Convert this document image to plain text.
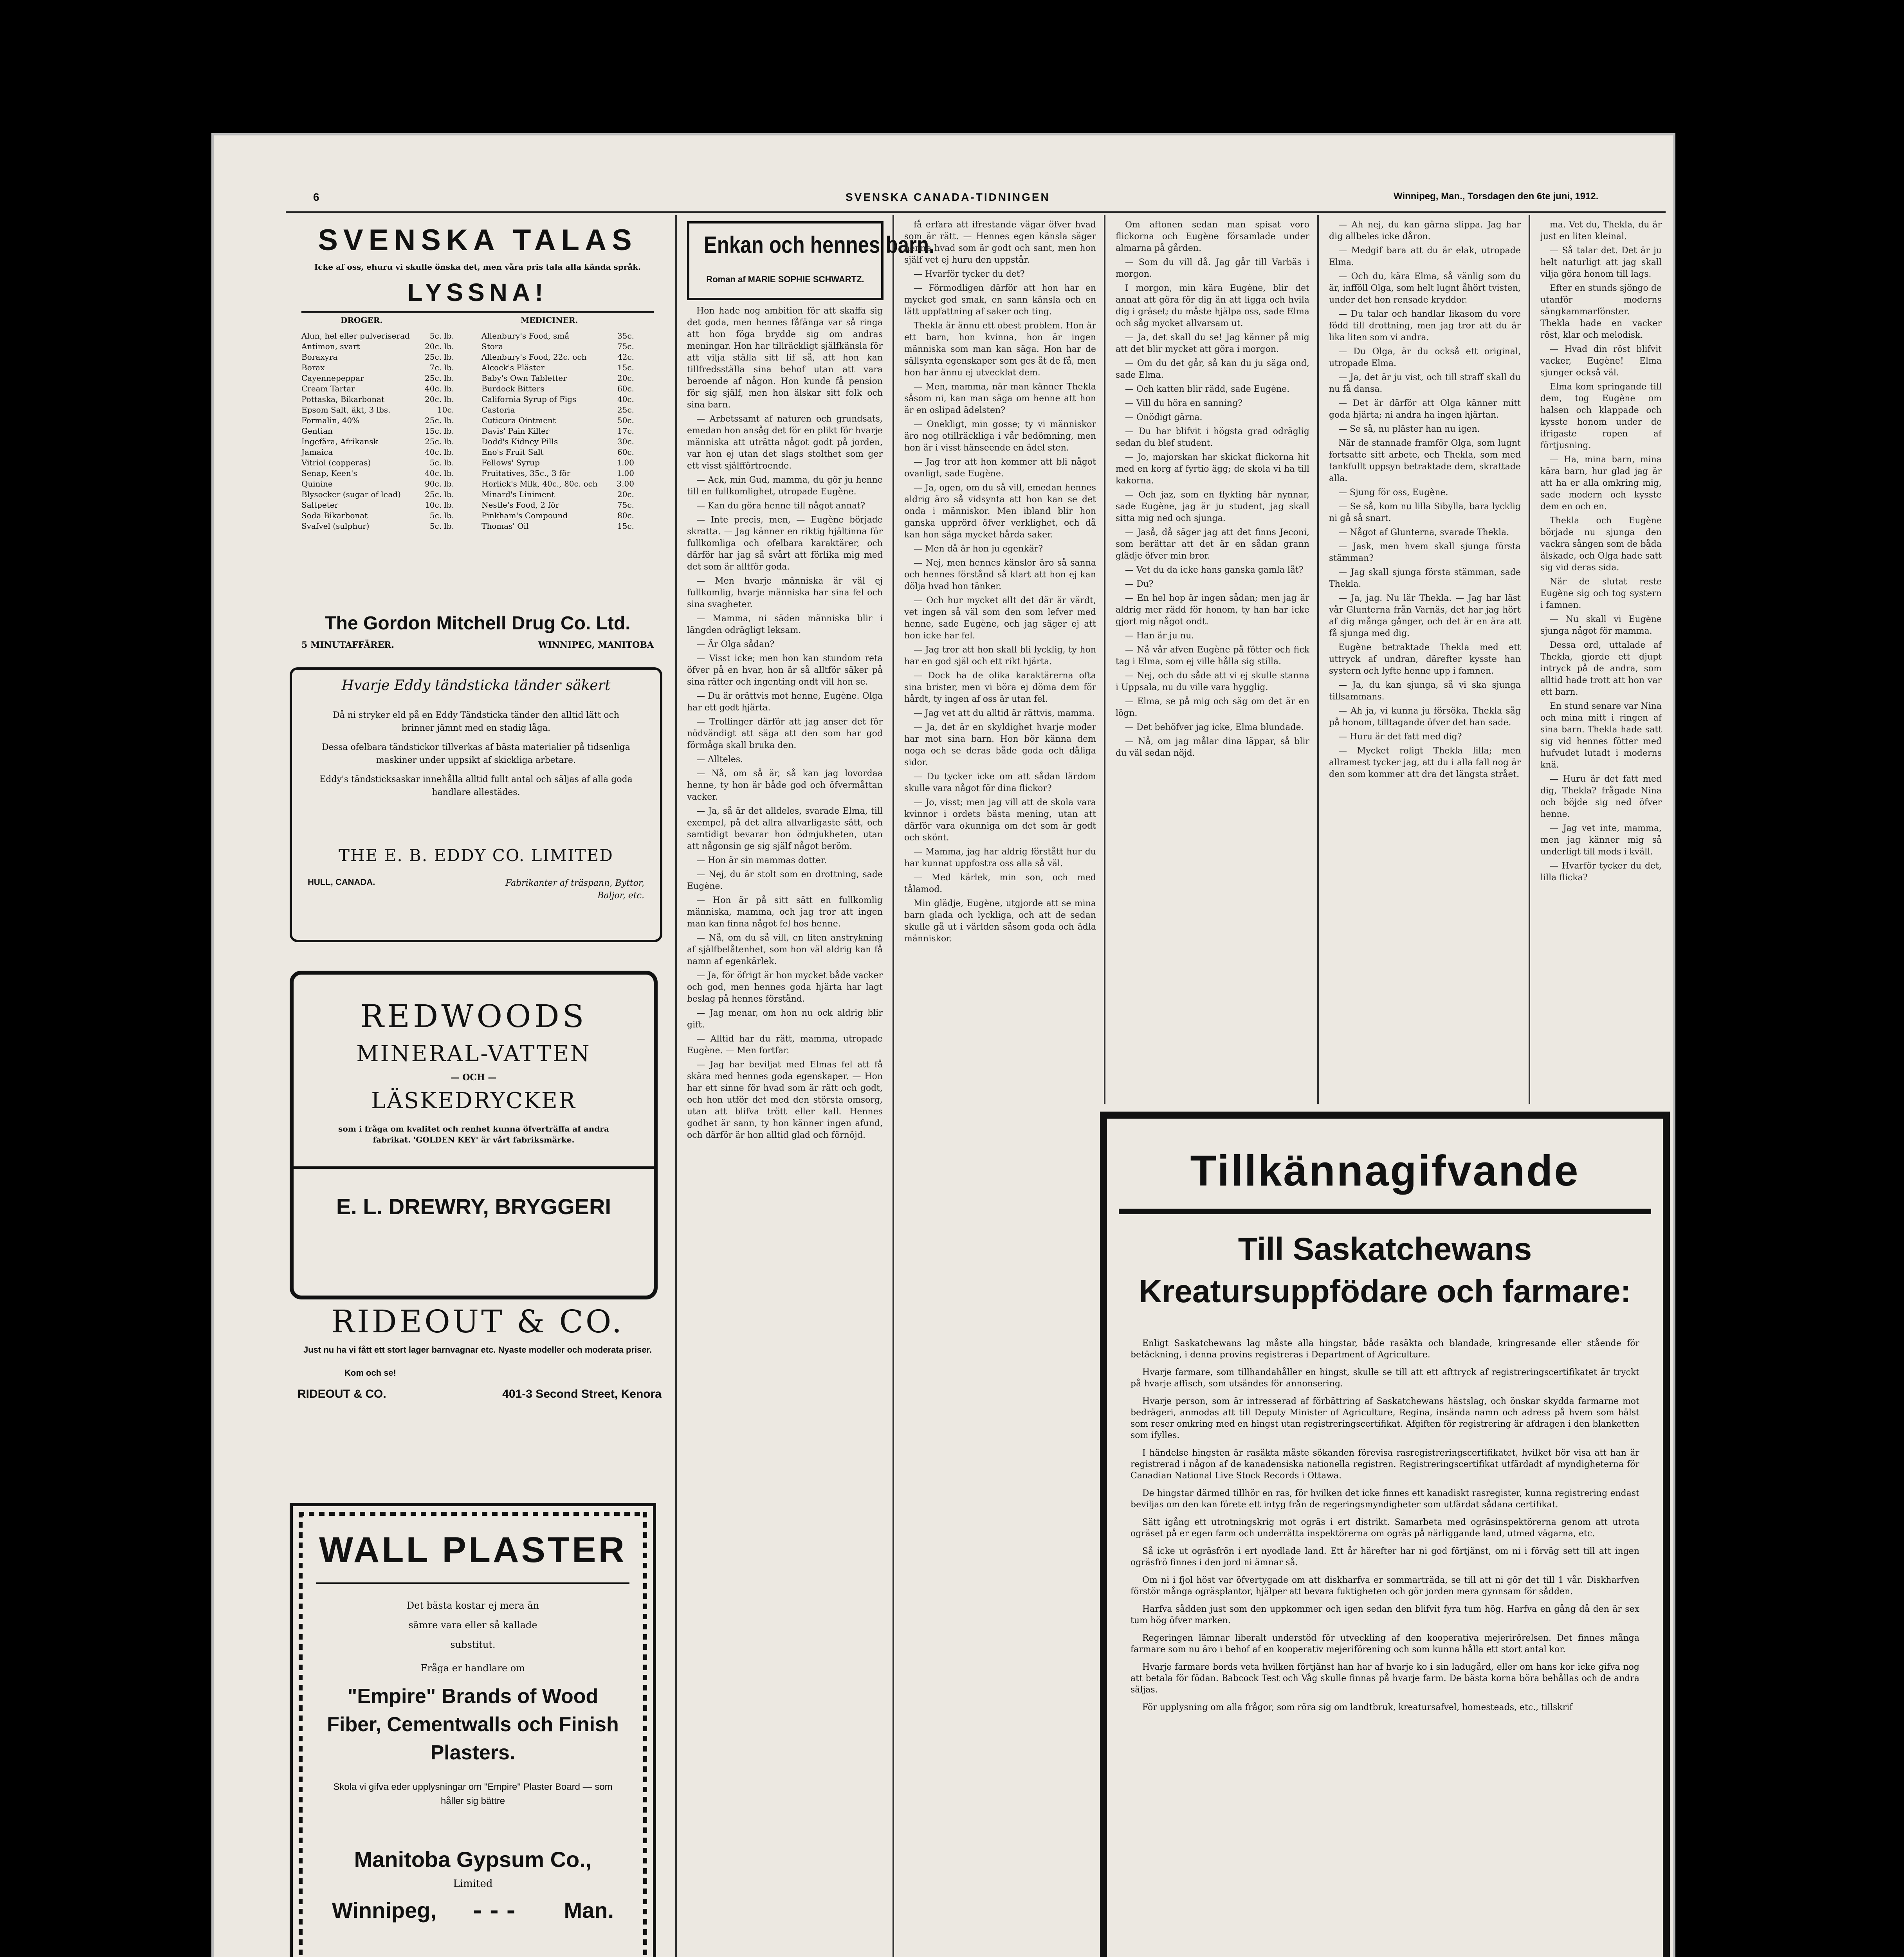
6	SVENSKA CANADA-TIDNINGEN	Winnipeg, Man., Torsdagen den 6te juni, 1912.
SVENSKA TALAS
Icke af oss, ehuru vi skulle önska det, men våra pris tala alla kända språk.
LYSSNA!
DROGER.	MEDICINER.
Alun, hel eller pulveriserad	5c. lb.
Antimon, svart	20c. lb.
Boraxyra	25c. lb.
Borax	7c. lb.
Cayennepeppar	25c. lb.
Cream Tartar	40c. lb.
Pottaska, Bikarbonat	20c. lb.
Epsom Salt, äkt, 3 lbs.	10c.
Formalin, 40%	25c. lb.
Gentian	15c. lb.
Ingefära, Afrikansk	25c. lb.
Jamaica	40c. lb.
Vitriol (copperas)	5c. lb.
Senap, Keen's	40c. lb.
Quinine	90c. lb.
Blysocker (sugar of lead)	25c. lb.
Saltpeter	10c. lb.
Soda Bikarbonat	5c. lb.
Svafvel (sulphur)	5c. lb.
Allenbury's Food, små	35c.
Stora	75c.
Allenbury's Food, 22c. och	42c.
Alcock's Pläster	15c.
Baby's Own Tabletter	20c.
Burdock Bitters	60c.
California Syrup of Figs	40c.
Castoria	25c.
Cuticura Ointment	50c.
Davis' Pain Killer	17c.
Dodd's Kidney Pills	30c.
Eno's Fruit Salt	60c.
Fellows' Syrup	1.00
Fruitatives, 35c., 3 för	1.00
Horlick's Milk, 40c., 80c. och 3.00
Minard's Liniment	20c.
Nestle's Food, 2 för	75c.
Pinkham's Compound	80c.
Thomas' Oil	15c.
The Gordon Mitchell Drug Co. Ltd.
5 MINUTAFFÄRER.	WINNIPEG, MANITOBA
Hvarje Eddy tändsticka tänder säkert

Då ni stryker eld på en Eddy Tändsticka tänder den alltid lätt och brinner jämnt med en stadig låga.

Dessa ofelbara tändstickor tillverkas af bästa materialier på tidsenliga maskiner under uppsikt af skickliga arbetare.

Eddy's tändsticksaskar innehålla alltid fullt antal och säljas af alla goda handlare allestädes.

THE E. B. EDDY CO. LIMITED
HULL, CANADA.	Fabrikanter af träspann, Byttor, Baljor, etc.
REDWOODS
MINERAL-VATTEN
— OCH —
LÄSKEDRYCKER
som i fråga om kvalitet och renhet kunna öfverträffa af andra fabrikat. 'GOLDEN KEY' är vårt fabriksmärke.
E. L. DREWRY, BRYGGERI
RIDEOUT & CO.
Just nu ha vi fått ett stort lager barnvagnar etc. Nyaste modeller och moderata priser.
Kom och se!
RIDEOUT & CO.	401-3 Second Street, Kenora
WALL PLASTER
Det bästa kostar ej mera än
sämre vara eller så kallade
substitut.
Fråga er handlare om
"Empire" Brands of Wood Fiber, Cementwalls och Finish Plasters.
Skola vi gifva eder upplysningar om "Empire" Plaster Board — som håller sig bättre
Manitoba Gypsum Co.,
Limited
Winnipeg, - - - Man.
Enkan och hennes barn.
Roman af MARIE SOPHIE SCHWARTZ.

Hon hade nog ambition för att skaffa sig det goda, men hennes fåfänga var så ringa att hon föga brydde sig om andras meningar. Hon har tillräckligt själfkänsla för att vilja ställa sitt lif så, att hon kan tillfredsställa sina behof utan att vara beroende af någon. Hon kunde få pension för sig själf, men hon älskar sitt folk och sina barn.

— Arbetssamt af naturen och grundsats, emedan hon ansåg det för en plikt för hvarje människa att uträtta något godt på jorden, var hon ej utan det slags stolthet som ger ett visst själfförtroende.

— Ack, min Gud, mamma, du gör ju henne till en fullkomlighet, utropade Eugène.

— Kan du göra henne till något annat?

— Inte precis, men, — Eugène började skratta. — Jag känner en riktig hjältinna för fullkomliga och ofelbara karaktärer, och därför har jag så svårt att förlika mig med det som är alltför goda.

— Men hvarje människa är väl ej fullkomlig, hvarje människa har sina fel och sina svagheter.

— Mamma, ni säden människa blir i längden odrägligt leksam.

— Är Olga sådan?

— Visst icke; men hon kan stundom reta öfver på en hvar, hon är så alltför säker på sina rätter och ingenting ondt vill hon se.

— Du är orättvis mot henne, Eugène. Olga har ett godt hjärta.

— Trollinger därför att jag anser det för nödvändigt att säga att den som har god förmåga skall bruka den.

— Allteles.

— Nå, om så är, så kan jag lovordaa henne, ty hon är både god och öfvermåttan vacker.

— Ja, så är det alldeles, svarade Elma, till exempel, på det allra allvarligaste sätt, och samtidigt bevarar hon ödmjukheten, utan att någonsin ge sig själf något beröm.

— Hon är sin mammas dotter.

— Nej, du är stolt som en drottning, sade Eugène.

— Hon är på sitt sätt en fullkomlig människa, mamma, och jag tror att ingen man kan finna något fel hos henne.

— Nå, om du så vill, en liten anstrykning af själfbelåtenhet, som hon väl aldrig kan få namn af egenkärlek.

— Ja, för öfrigt är hon mycket både vacker och god, men hennes goda hjärta har lagt beslag på hennes förstånd.

— Jag menar, om hon nu ock aldrig blir gift.

— Alltid har du rätt, mamma, utropade Eugène. — Men fortfar.

— Jag har beviljat med Elmas fel att få skära med hennes goda egenskaper. — Hon har ett sinne för hvad som är rätt och godt, och hon utför det med den största omsorg, utan att blifva trött eller kall. Hennes godhet är sann, ty hon känner ingen afund, och därför är hon alltid glad och förnöjd.

få erfara att ifrestande vägar öfver hvad som är rätt. — Hennes egen känsla säger henne hvad som är godt och sant, men hon själf vet ej huru den uppstår.

— Hvarför tycker du det?

— Förmodligen därför att hon har en mycket god smak, en sann känsla och en lätt uppfattning af saker och ting.

Thekla är ännu ett obest problem. Hon är ett barn, hon kvinna, hon är ingen människa som man kan säga. Hon har de sällsynta egenskaper som ges åt de få, men hon har ännu ej utvecklat dem.

— Men, mamma, när man känner Thekla såsom ni, kan man säga om henne att hon är en oslipad ädelsten?

— Onekligt, min gosse; ty vi människor äro nog otillräckliga i vår bedömning, men hon är i visst hänseende en ädel sten.

— Jag tror att hon kommer att bli något ovanligt, sade Eugène.

— Ja, ogen, om du så vill, emedan hennes aldrig äro så vidsynta att hon kan se det onda i människor. Men ibland blir hon ganska upprörd öfver verklighet, och då kan hon säga mycket hårda saker.

— Men då är hon ju egenkär?

— Nej, men hennes känslor äro så sanna och hennes förstånd så klart att hon ej kan dölja hvad hon tänker.

— Och hur mycket allt det där är värdt, vet ingen så väl som den som lefver med henne, sade Eugène, och jag säger ej att hon icke har fel.

— Jag tror att hon skall bli lycklig, ty hon har en god själ och ett rikt hjärta.

— Dock ha de olika karaktärerna ofta sina brister, men vi böra ej döma dem för hårdt, ty ingen af oss är utan fel.

— Jag vet att du alltid är rättvis, mamma.

— Ja, det är en skyldighet hvarje moder har mot sina barn. Hon bör känna dem noga och se deras både goda och dåliga sidor.

— Du tycker icke om att sådan lärdom skulle vara något för dina flickor?

— Jo, visst; men jag vill att de skola vara kvinnor i ordets bästa mening, utan att därför vara okunniga om det som är godt och skönt.

— Mamma, jag har aldrig förstått hur du har kunnat uppfostra oss alla så väl.

— Med kärlek, min son, och med tålamod.

Min glädje, Eugène, utgjorde att se mina barn glada och lyckliga, och att de sedan skulle gå ut i världen såsom goda och ädla människor.

Om aftonen sedan man spisat voro flickorna och Eugène församlade under almarna på gården.

— Som du vill då. Jag går till Varbäs i morgon.

I morgon, min kära Eugène, blir det annat att göra för dig än att ligga och hvila dig i gräset; du måste hjälpa oss, sade Elma och såg mycket allvarsam ut.

— Ja, det skall du se! Jag känner på mig att det blir mycket att göra i morgon.

— Om du det går, så kan du ju säga ond, sade Elma.

— Och katten blir rädd, sade Eugène.

— Vill du höra en sanning?

— Onödigt gärna.

— Du har blifvit i högsta grad odräglig sedan du blef student.

— Jo, majorskan har skickat flickorna hit med en korg af fyrtio ägg; de skola vi ha till kakorna.

— Och jaz, som en flykting här nynnar, sade Eugène, jag är ju student, jag skall sitta mig ned och sjunga.

— Jaså, då säger jag att det finns Jeconi, som berättar att det är en sådan grann glädje öfver min bror.

— Vet du da icke hans ganska gamla låt?

— Du?

— En hel hop är ingen sådan; men jag är aldrig mer rädd för honom, ty han har icke gjort mig något ondt.

— Han är ju nu.

— Nå vår afven Eugène på fötter och fick tag i Elma, som ej ville hålla sig stilla.

— Nej, och du såde att vi ej skulle stanna i Uppsala, nu du ville vara hygglig.

— Elma, se på mig och säg om det är en lögn.

— Det behöfver jag icke, Elma blundade.

— Nå, om jag målar dina läppar, så blir du väl sedan nöjd.

— Ah nej, du kan gärna slippa. Jag har dig allbeles icke dåron.

— Medgif bara att du är elak, utropade Elma.

— Och du, kära Elma, så vänlig som du är, infföll Olga, som helt lugnt åhört tvisten, under det hon rensade kryddor.

— Du talar och handlar likasom du vore född till drottning, men jag tror att du är lika liten som vi andra.

— Du Olga, är du också ett original, utropade Elma.

— Ja, det är ju vist, och till straff skall du nu få dansa.

— Det är därför att Olga känner mitt goda hjärta; ni andra ha ingen hjärtan.

— Se så, nu pläster han nu igen.

När de stannade framför Olga, som lugnt fortsatte sitt arbete, och Thekla, som med tankfullt uppsyn betraktade dem, skrattade alla.

— Sjung för oss, Eugène.

— Se så, kom nu lilla Sibylla, bara lycklig ni gå så snart.

— Något af Glunterna, svarade Thekla.

— Jask, men hvem skall sjunga första stämman?

— Jag skall sjunga första stämman, sade Thekla.

— Ja, jag. Nu lär Thekla. — Jag har läst vår Glunterna från Varnäs, det har jag hört af dig många gånger, och det är en ära att få sjunga med dig.

Eugène betraktade Thekla med ett uttryck af undran, därefter kysste han systern och lyfte henne upp i famnen.

— Ja, du kan sjunga, så vi ska sjunga tillsammans.

— Ah ja, vi kunna ju försöka, Thekla såg på honom, tilltagande öfver det han sade.

— Huru är det fatt med dig?

— Mycket roligt Thekla lilla; men allramest tycker jag, att du i alla fall nog är den som kommer att dra det längsta strået.

ma. Vet du, Thekla, du är just en liten kleinal.

— Så talar det. Det är ju helt naturligt att jag skall vilja göra honom till lags.

Efter en stunds sjöngo de utanför moderns sängkammarfönster. Thekla hade en vacker röst, klar och melodisk.

— Hvad din röst blifvit vacker, Eugène! Elma sjunger också väl.

Elma kom springande till dem, tog Eugène om halsen och klappade och kysste honom under de ifrigaste ropen af förtjusning.

— Ha, mina barn, mina kära barn, hur glad jag är att ha er alla omkring mig, sade modern och kysste dem en och en.

Thekla och Eugène började nu sjunga den vackra sången som de båda älskade, och Olga hade satt sig vid deras sida.

När de slutat reste Eugène sig och tog systern i famnen.

— Nu skall vi Eugène sjunga något för mamma.

Dessa ord, uttalade af Thekla, gjorde ett djupt intryck på de andra, som alltid hade trott att hon var ett barn.

En stund senare var Nina och mina mitt i ringen af sina barn. Thekla hade satt sig vid hennes fötter med hufvudet lutadt i moderns knä.

— Huru är det fatt med dig, Thekla? frågade Nina och böjde sig ned öfver henne.

— Jag vet inte, mamma, men jag känner mig så underligt till mods i kväll.

— Hvarför tycker du det, lilla flicka?

Tillkännagifvande
Till Saskatchewans Kreatursuppfödare och farmare:

Enligt Saskatchewans lag måste alla hingstar, både rasäkta och blandade, kringresande eller stående för betäckning, i denna provins registreras i Department of Agriculture.

Hvarje farmare, som tillhandahåller en hingst, skulle se till att ett afttryck af registreringscertifikatet är tryckt på hvarje affisch, som utsändes för annonsering.

Hvarje person, som är intresserad af förbättring af Saskatchewans hästslag, och önskar skydda farmarne mot bedrägeri, anmodas att till Deputy Minister of Agriculture, Regina, insända namn och adress på hvem som hälst som reser omkring med en hingst utan registreringscertifikat. Afgiften för registrering är afdragen i den blanketten som ifylles.

I händelse hingsten är rasäkta måste sökanden förevisa rasregistreringscertifikatet, hvilket bör visa att han är registrerad i någon af de kanadensiska nationella registren. Registreringscertifikat utfärdadt af myndigheterna för Canadian National Live Stock Records i Ottawa.

De hingstar därmed tillhör en ras, för hvilken det icke finnes ett kanadiskt rasregister, kunna registrering endast beviljas om den kan förete ett intyg från de regeringsmyndigheter som utfärdat sådana certifikat.

Sätt igång ett utrotningskrig mot ogräs i ert distrikt. Samarbeta med ogräsinspektörerna genom att utrota ogräset på er egen farm och underrätta inspektörerna om ogräs på närliggande land, utmed vägarna, etc.

Så icke ut ogräsfrön i ert nyodlade land. Ett år härefter har ni god förtjänst, om ni i förväg sett till att ingen ogräsfrö finnes i den jord ni ämnar så.

Om ni i fjol höst var öfvertygade om att diskharfva er sommarträda, se till att ni gör det till 1 vår. Diskharfven förstör många ogräsplantor, hjälper att bevara fuktigheten och gör jorden mera gynnsam för sådden.

Harfva sådden just som den uppkommer och igen sedan den blifvit fyra tum hög. Harfva en gång då den är sex tum hög öfver marken.

Regeringen lämnar liberalt understöd för utveckling af den kooperativa mejerirörelsen. Det finnes många farmare som nu äro i behof af en kooperativ mejeriförening och som kunna hålla ett stort antal kor.

Hvarje farmare bords veta hvilken förtjänst han har af hvarje ko i sin ladugård, eller om hans kor icke gifva nog att betala för födan. Babcock Test och Våg skulle finnas på hvarje farm. De bästa korna böra behållas och de andra säljas.

För upplysning om alla frågor, som röra sig om landtbruk, kreatursafvel, homesteads, etc., tillskrif
